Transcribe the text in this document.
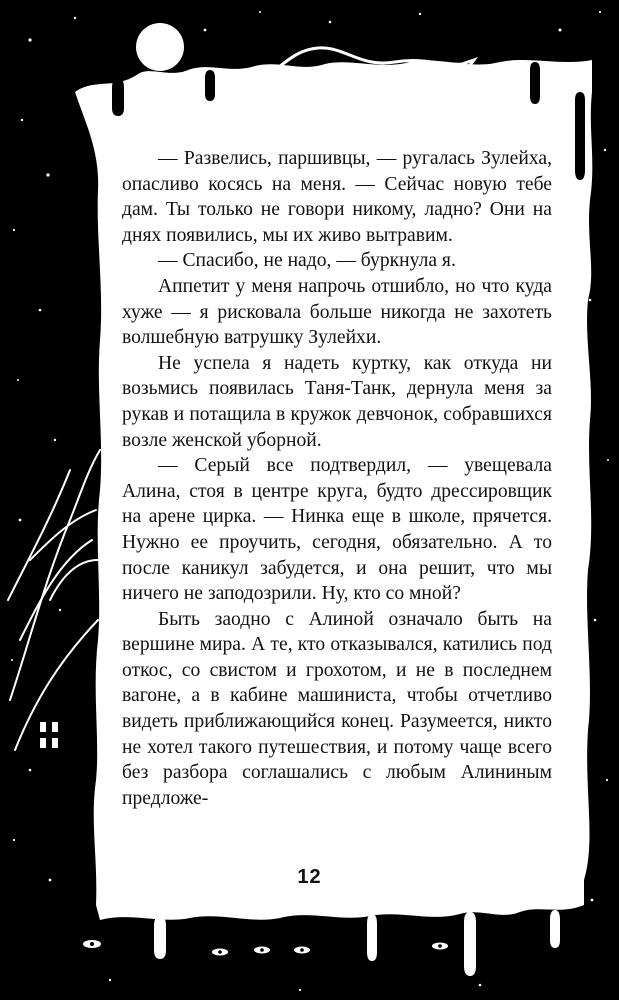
— Развелись, паршивцы, — ругалась Зулейха, опасливо косясь на меня. — Сейчас новую тебе дам. Ты только не говори никому, ладно? Они на днях появились, мы их живо вытравим.

— Спасибо, не надо, — буркнула я.

Аппетит у меня напрочь отшибло, но что куда хуже — я рисковала больше никогда не захотеть волшебную ватрушку Зулейхи.

Не успела я надеть куртку, как откуда ни возьмись появилась Таня-Танк, дернула меня за рукав и потащила в кружок девчонок, собравшихся возле женской уборной.

— Серый все подтвердил, — увещевала Алина, стоя в центре круга, будто дрессировщик на арене цирка. — Нинка еще в школе, прячется. Нужно ее проучить, сегодня, обязательно. А то после каникул забудется, и она решит, что мы ничего не заподозрили. Ну, кто со мной?

Быть заодно с Алиной означало быть на вершине мира. А те, кто отказывался, катились под откос, со свистом и грохотом, и не в последнем вагоне, а в кабине машиниста, чтобы отчетливо видеть приближающийся конец. Разумеется, никто не хотел такого путешествия, и потому чаще всего без разбора соглашались с любым Алининым предложе-

12
